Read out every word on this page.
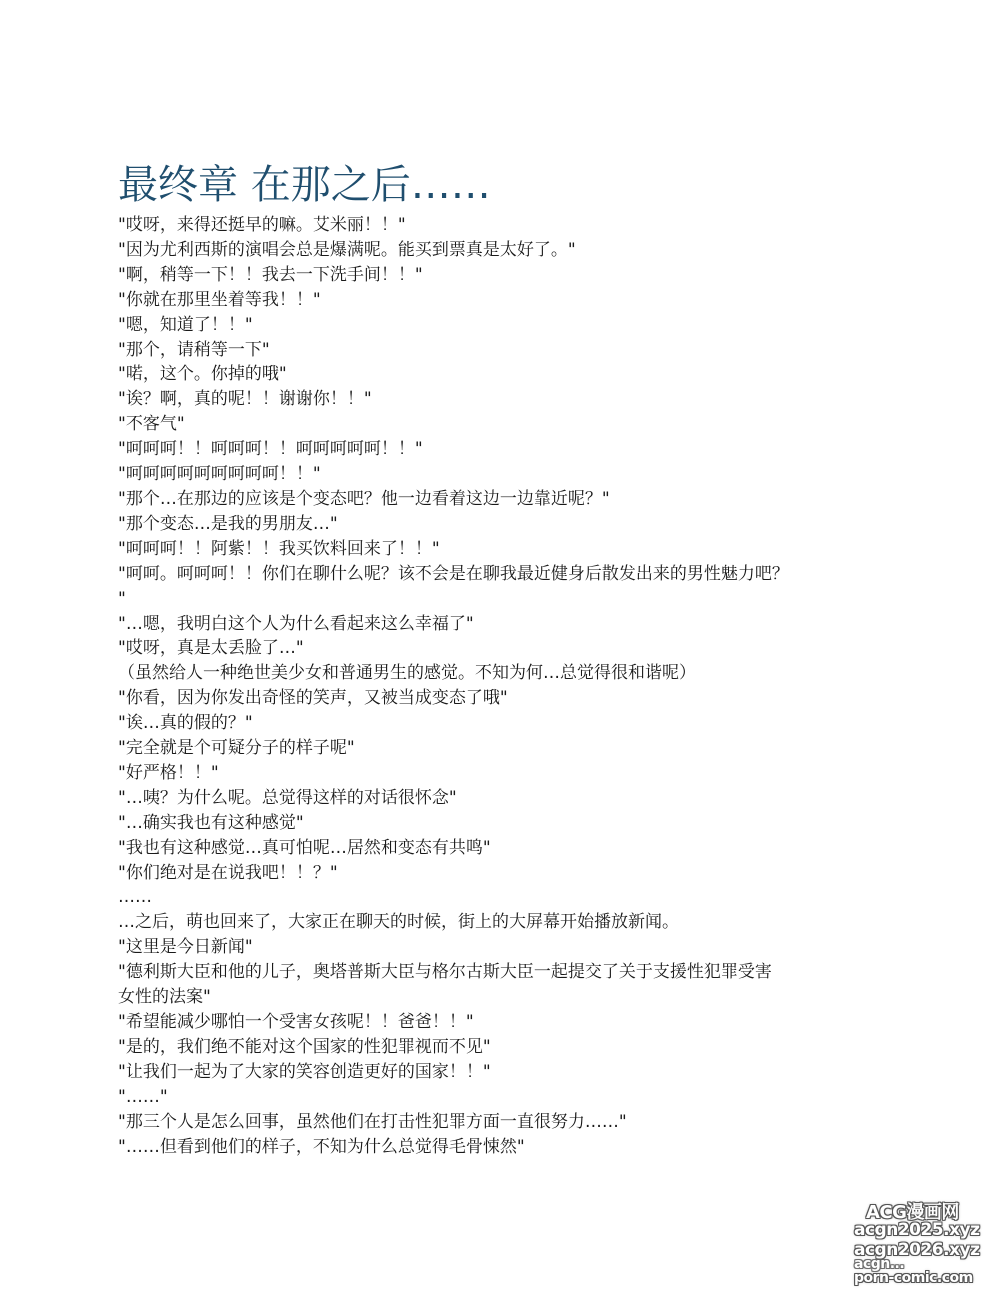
最终章 在那之后……
"哎呀，来得还挺早的嘛。艾米丽！！"
"因为尤利西斯的演唱会总是爆满呢。能买到票真是太好了。"
"啊，稍等一下！！我去一下洗手间！！"
"你就在那里坐着等我！！"
"嗯，知道了！！"
"那个，请稍等一下"
"喏，这个。你掉的哦"
"诶？啊，真的呢！！谢谢你！！"
"不客气"
"呵呵呵！！呵呵呵！！呵呵呵呵呵！！"
"呵呵呵呵呵呵呵呵呵！！"
"那个…在那边的应该是个变态吧？他一边看着这边一边靠近呢？"
"那个变态…是我的男朋友…"
"呵呵呵！！阿紫！！我买饮料回来了！！"
"呵呵。呵呵呵！！你们在聊什么呢？该不会是在聊我最近健身后散发出来的男性魅力吧？
"
"…嗯，我明白这个人为什么看起来这么幸福了"
"哎呀，真是太丢脸了…"
（虽然给人一种绝世美少女和普通男生的感觉。不知为何…总觉得很和谐呢）
"你看，因为你发出奇怪的笑声，又被当成变态了哦"
"诶…真的假的？"
"完全就是个可疑分子的样子呢"
"好严格！！"
"…咦？为什么呢。总觉得这样的对话很怀念"
"…确实我也有这种感觉"
"我也有这种感觉…真可怕呢…居然和变态有共鸣"
"你们绝对是在说我吧！！？"
……
…之后，萌也回来了，大家正在聊天的时候，街上的大屏幕开始播放新闻。
"这里是今日新闻"
"德利斯大臣和他的儿子，奥塔普斯大臣与格尔古斯大臣一起提交了关于支援性犯罪受害
女性的法案"
"希望能减少哪怕一个受害女孩呢！！爸爸！！"
"是的，我们绝不能对这个国家的性犯罪视而不见"
"让我们一起为了大家的笑容创造更好的国家！！"
"……"
"那三个人是怎么回事，虽然他们在打击性犯罪方面一直很努力……"
"……但看到他们的样子，不知为什么总觉得毛骨悚然"
ACG漫画网
acgn2025.xyz
acgn2026.xyz
acgn...
porn-comic.com
